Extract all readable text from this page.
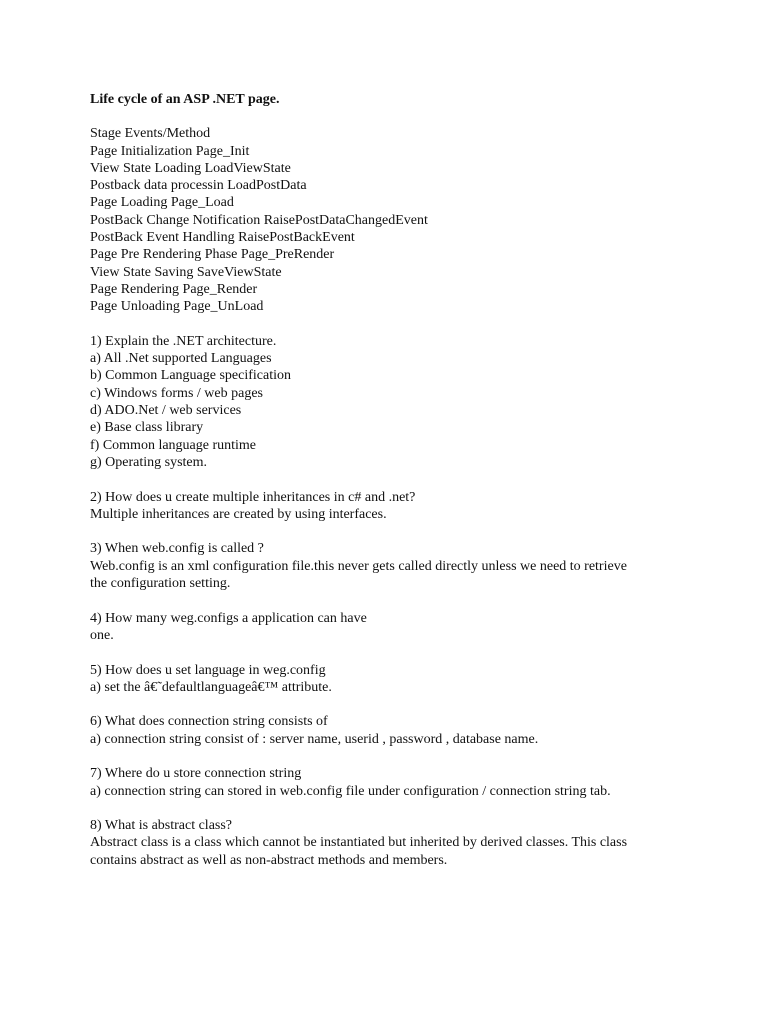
Life cycle of an ASP .NET page.
Stage Events/Method
Page Initialization Page_Init
View State Loading LoadViewState
Postback data processin LoadPostData
Page Loading Page_Load
PostBack Change Notification RaisePostDataChangedEvent
PostBack Event Handling RaisePostBackEvent
Page Pre Rendering Phase Page_PreRender
View State Saving SaveViewState
Page Rendering Page_Render
Page Unloading Page_UnLoad
1) Explain the .NET architecture.
a) All .Net supported Languages
b) Common Language specification
c) Windows forms / web pages
d) ADO.Net / web services
e) Base class library
f) Common language runtime
g) Operating system.
2) How does u create multiple inheritances in c# and .net?
Multiple inheritances are created by using interfaces.
3) When web.config is called ?
Web.config is an xml configuration file.this never gets called directly unless we need to retrieve
the configuration setting.
4) How many weg.configs a application can have
one.
5) How does u set language in weg.config
a) set the â€˜defaultlanguageâ€™ attribute.
6) What does connection string consists of
a) connection string consist of : server name, userid , password , database name.
7) Where do u store connection string
a) connection string can stored in web.config file under configuration / connection string tab.
8) What is abstract class?
Abstract class is a class which cannot be instantiated but inherited by derived classes. This class
contains abstract as well as non-abstract methods and members.
